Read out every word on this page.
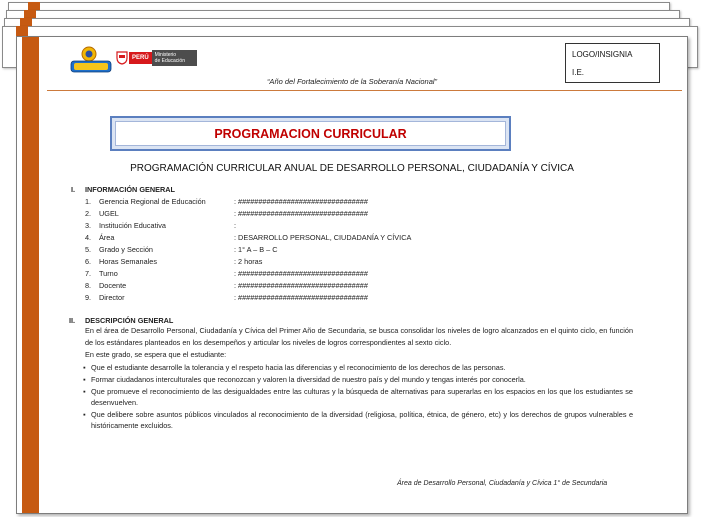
PERÚ	Ministerio
de Educación
LOGO/INSIGNIA
I.E.
“Año del Fortalecimiento de la Soberanía Nacional”
PROGRAMACION CURRICULAR
PROGRAMACIÓN CURRICULAR ANUAL DE DESARROLLO PERSONAL, CIUDADANÍA Y CÍVICA
I. INFORMACIÓN GENERAL
1. Gerencia Regional de Educación	: ################################
2. UGEL	: ################################
3. Institución Educativa	:
4. Área	: DESARROLLO PERSONAL, CIUDADANÍA Y CÍVICA
5. Grado y Sección	: 1° A – B – C
6. Horas Semanales	: 2 horas
7. Turno	: ################################
8. Docente	: ################################
9. Director	: ################################
II. DESCRIPCIÓN GENERAL
En el área de Desarrollo Personal, Ciudadanía y Cívica del Primer Año de Secundaria, se busca consolidar los niveles de logro alcanzados en el quinto ciclo, en función de los estándares planteados en los desempeños y articular los niveles de logros correspondientes al sexto ciclo.
En este grado, se espera que el estudiante:
▪ Que el estudiante desarrolle la tolerancia y el respeto hacia las diferencias y el reconocimiento de los derechos de las personas.
▪ Formar ciudadanos interculturales que reconozcan y valoren la diversidad de nuestro país y del mundo y tengas interés por conocerla.
▪ Que promueve el reconocimiento de las desigualdades entre las culturas y la búsqueda de alternativas para superarlas en los espacios en los que los estudiantes se desenvuelven.
▪ Que delibere sobre asuntos públicos vinculados al reconocimiento de la diversidad (religiosa, política, étnica, de género, etc) y los derechos de grupos vulnerables e históricamente excluidos.
Área de Desarrollo Personal, Ciudadanía y Cívica 1° de Secundaria
